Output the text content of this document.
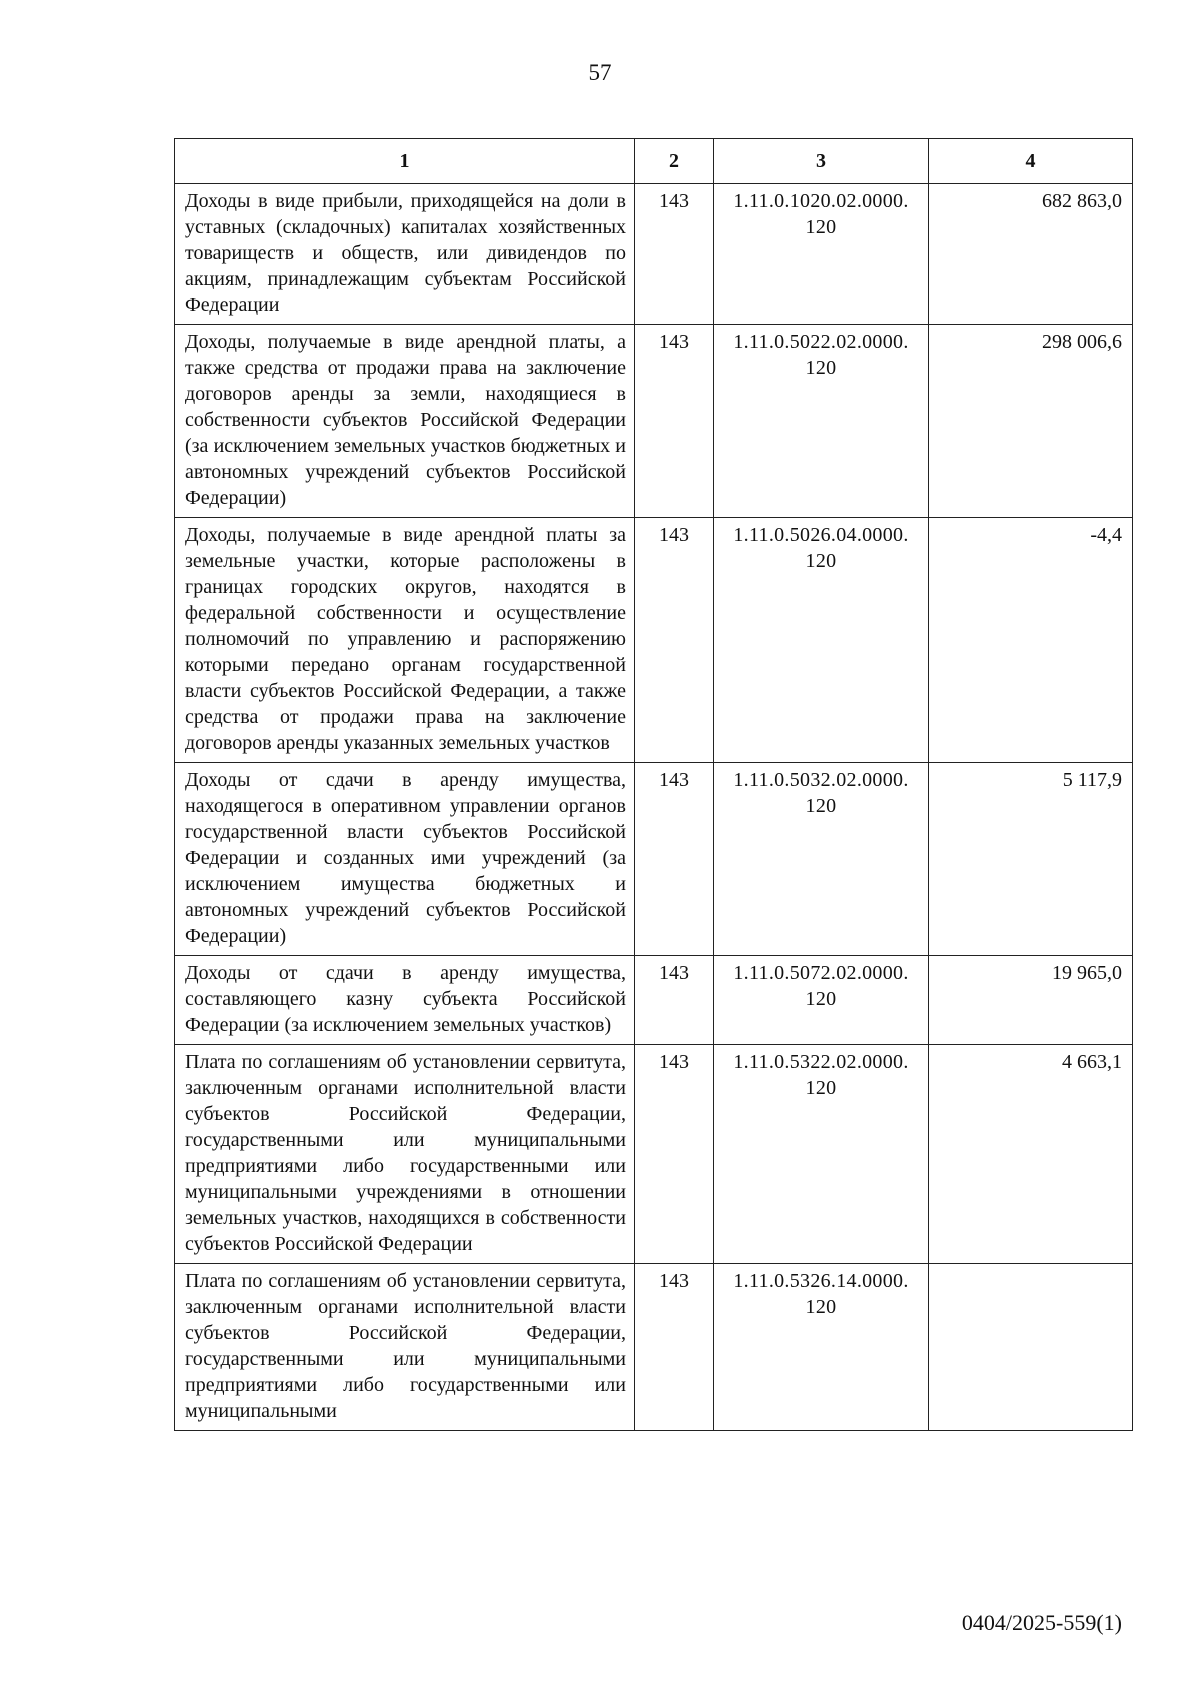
57
1	2	3	4
Доходы в виде прибыли, приходящейся на доли в уставных (складочных) капиталах хозяйственных товариществ и обществ, или дивидендов по акциям, принадлежащим субъектам Российской Федерации	143	1.11.0.1020.02.0000.​120	682 863,0
Доходы, получаемые в виде арендной платы, а также средства от продажи права на заключение договоров аренды за земли, находящиеся в собственности субъектов Российской Федерации (за исключением земельных участков бюджетных и автономных учреждений субъектов Российской Федерации)	143	1.11.0.5022.02.0000.​120	298 006,6
Доходы, получаемые в виде арендной платы за земельные участки, которые расположены в границах городских округов, находятся в федеральной собственности и осуществление полномочий по управлению и распоряжению которыми передано органам государственной власти субъектов Российской Федерации, а также средства от продажи права на заключение договоров аренды указанных земельных участков	143	1.11.0.5026.04.0000.​120	-4,4
Доходы от сдачи в аренду имущества, находящегося в оперативном управлении органов государственной власти субъектов Российской Федерации и созданных ими учреждений (за исключением имущества бюджетных и автономных учреждений субъектов Российской Федерации)	143	1.11.0.5032.02.0000.​120	5 117,9
Доходы от сдачи в аренду имущества, составляющего казну субъекта Российской Федерации (за исключением земельных участков)	143	1.11.0.5072.02.0000.​120	19 965,0
Плата по соглашениям об установлении сервитута, заключенным органами исполнительной власти субъектов Российской Федерации, государственными или муниципальными предприятиями либо государственными или муниципальными учреждениями в отношении земельных участков, находящихся в собственности субъектов Российской Федерации	143	1.11.0.5322.02.0000.​120	4 663,1
Плата по соглашениям об установлении сервитута, заключенным органами исполнительной власти субъектов Российской Федерации, государственными или муниципальными предприятиями либо государственными или муниципальными	143	1.11.0.5326.14.0000.​120	
0404/2025-559(1)
